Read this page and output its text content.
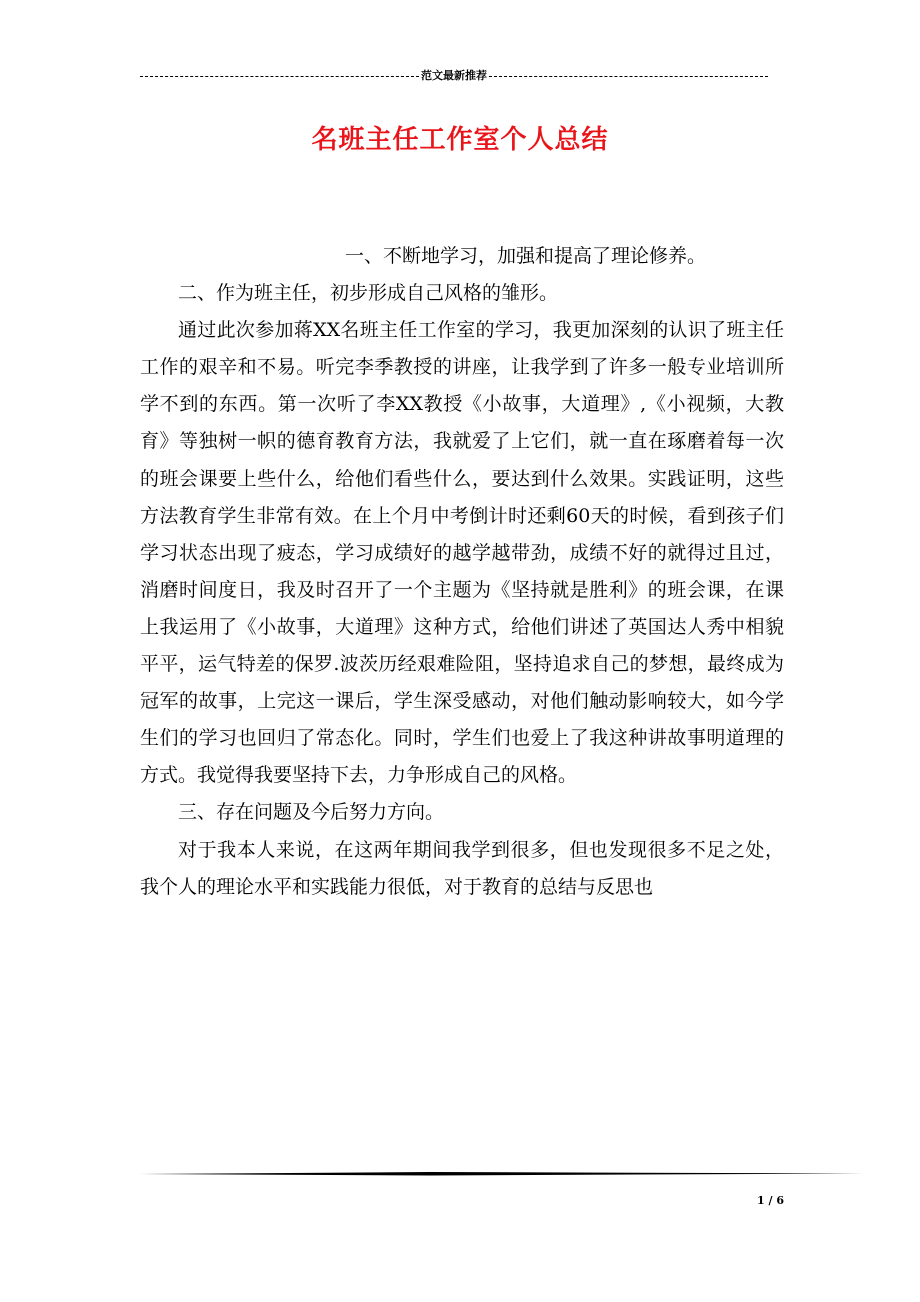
范文最新推荐
名班主任工作室个人总结

一、不断地学习，加强和提高了理论修养。

二、作为班主任，初步形成自己风格的雏形。

通过此次参加蒋XX名班主任工作室的学习，我更加深刻的认识了班主任工作的艰辛和不易。听完李季教授的讲座，让我学到了许多一般专业培训所学不到的东西。第一次听了李XX教授《小故事，大道理》,《小视频，大教育》等独树一帜的德育教育方法，我就爱了上它们，就一直在琢磨着每一次的班会课要上些什么，给他们看些什么，要达到什么效果。实践证明，这些方法教育学生非常有效。在上个月中考倒计时还剩60天的时候，看到孩子们学习状态出现了疲态，学习成绩好的越学越带劲，成绩不好的就得过且过，消磨时间度日，我及时召开了一个主题为《坚持就是胜利》的班会课，在课上我运用了《小故事，大道理》这种方式，给他们讲述了英国达人秀中相貌平平，运气特差的保罗.波茨历经艰难险阻，坚持追求自己的梦想，最终成为冠军的故事，上完这一课后，学生深受感动，对他们触动影响较大，如今学生们的学习也回归了常态化。同时，学生们也爱上了我这种讲故事明道理的方式。我觉得我要坚持下去，力争形成自己的风格。

三、存在问题及今后努力方向。

对于我本人来说，在这两年期间我学到很多，但也发现很多不足之处，我个人的理论水平和实践能力很低，对于教育的总结与反思也

1 / 6
